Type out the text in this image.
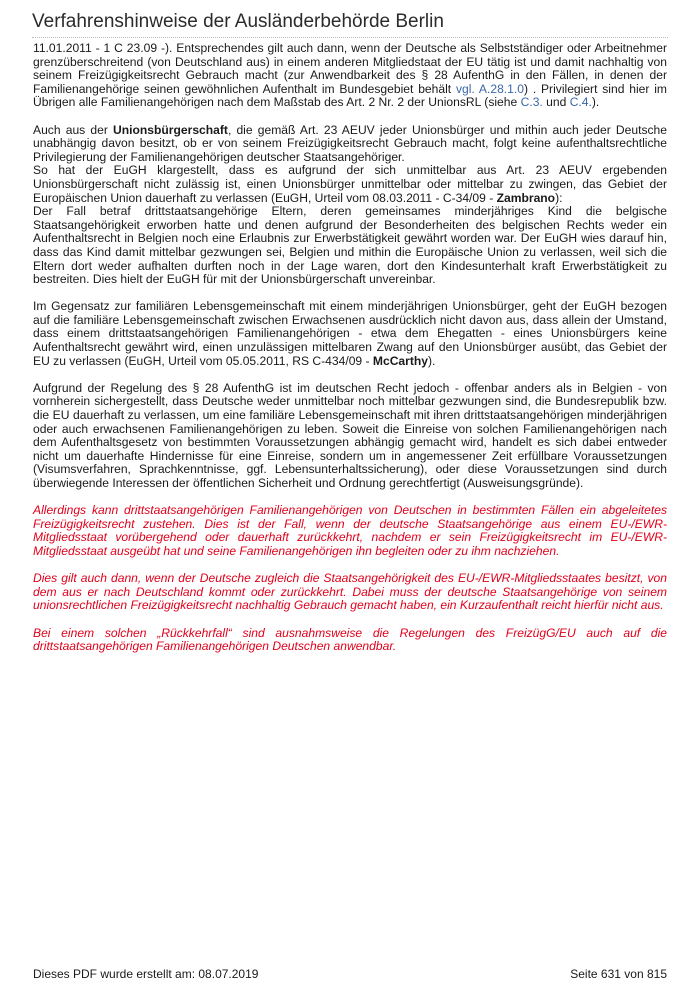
Verfahrenshinweise der Ausländerbehörde Berlin

11.01.2011 - 1 C 23.09 -). Entsprechendes gilt auch dann, wenn der Deutsche als Selbstständiger oder Arbeitnehmer grenzüberschreitend (von Deutschland aus) in einem anderen Mitgliedstaat der EU tätig ist und damit nachhaltig von seinem Freizügigkeitsrecht Gebrauch macht (zur Anwendbarkeit des § 28 AufenthG in den Fällen, in denen der Familienangehörige seinen gewöhnlichen Aufenthalt im Bundesgebiet behält vgl. A.28.1.0) . Privilegiert sind hier im Übrigen alle Familienangehörigen nach dem Maßstab des Art. 2 Nr. 2 der UnionsRL (siehe C.3. und C.4.).

Auch aus der Unionsbürgerschaft, die gemäß Art. 23 AEUV jeder Unionsbürger und mithin auch jeder Deutsche unabhängig davon besitzt, ob er von seinem Freizügigkeitsrecht Gebrauch macht, folgt keine aufenthaltsrechtliche Privilegierung der Familienangehörigen deutscher Staatsangehöriger.

So hat der EuGH klargestellt, dass es aufgrund der sich unmittelbar aus Art. 23 AEUV ergebenden Unionsbürgerschaft nicht zulässig ist, einen Unionsbürger unmittelbar oder mittelbar zu zwingen, das Gebiet der Europäischen Union dauerhaft zu verlassen (EuGH, Urteil vom 08.03.2011 - C-34/09 - Zambrano):

Der Fall betraf drittstaatsangehörige Eltern, deren gemeinsames minderjähriges Kind die belgische Staatsangehörigkeit erworben hatte und denen aufgrund der Besonderheiten des belgischen Rechts weder ein Aufenthaltsrecht in Belgien noch eine Erlaubnis zur Erwerbstätigkeit gewährt worden war. Der EuGH wies darauf hin, dass das Kind damit mittelbar gezwungen sei, Belgien und mithin die Europäische Union zu verlassen, weil sich die Eltern dort weder aufhalten durften noch in der Lage waren, dort den Kindesunterhalt kraft Erwerbstätigkeit zu bestreiten. Dies hielt der EuGH für mit der Unionsbürgerschaft unvereinbar.

Im Gegensatz zur familiären Lebensgemeinschaft mit einem minderjährigen Unionsbürger, geht der EuGH bezogen auf die familiäre Lebensgemeinschaft zwischen Erwachsenen ausdrücklich nicht davon aus, dass allein der Umstand, dass einem drittstaatsangehörigen Familienangehörigen - etwa dem Ehegatten - eines Unionsbürgers keine Aufenthaltsrecht gewährt wird, einen unzulässigen mittelbaren Zwang auf den Unionsbürger ausübt, das Gebiet der EU zu verlassen (EuGH, Urteil vom 05.05.2011, RS C-434/09 - McCarthy).

Aufgrund der Regelung des § 28 AufenthG ist im deutschen Recht jedoch - offenbar anders als in Belgien - von vornherein sichergestellt, dass Deutsche weder unmittelbar noch mittelbar gezwungen sind, die Bundesrepublik bzw. die EU dauerhaft zu verlassen, um eine familiäre Lebensgemeinschaft mit ihren drittstaatsangehörigen minderjährigen oder auch erwachsenen Familienangehörigen zu leben. Soweit die Einreise von solchen Familienangehörigen nach dem Aufenthaltsgesetz von bestimmten Voraussetzungen abhängig gemacht wird, handelt es sich dabei entweder nicht um dauerhafte Hindernisse für eine Einreise, sondern um in angemessener Zeit erfüllbare Voraussetzungen (Visumsverfahren, Sprachkenntnisse, ggf. Lebensunterhaltssicherung), oder diese Voraussetzungen sind durch überwiegende Interessen der öffentlichen Sicherheit und Ordnung gerechtfertigt (Ausweisungsgründe).

Allerdings kann drittstaatsangehörigen Familienangehörigen von Deutschen in bestimmten Fällen ein abgeleitetes Freizügigkeitsrecht zustehen. Dies ist der Fall, wenn der deutsche Staatsangehörige aus einem EU-/EWR-Mitgliedsstaat vorübergehend oder dauerhaft zurückkehrt, nachdem er sein Freizügigkeitsrecht im EU-/EWR-Mitgliedsstaat ausgeübt hat und seine Familienangehörigen ihn begleiten oder zu ihm nachziehen.

Dies gilt auch dann, wenn der Deutsche zugleich die Staatsangehörigkeit des EU-/EWR-Mitgliedsstaates besitzt, von dem aus er nach Deutschland kommt oder zurückkehrt. Dabei muss der deutsche Staatsangehörige von seinem unionsrechtlichen Freizügigkeitsrecht nachhaltig Gebrauch gemacht haben, ein Kurzaufenthalt reicht hierfür nicht aus.

Bei einem solchen „Rückkehrfall“ sind ausnahmsweise die Regelungen des FreizügG/EU auch auf die drittstaatsangehörigen Familienangehörigen Deutschen anwendbar.

Dieses PDF wurde erstellt am: 08.07.2019	Seite 631 von 815
